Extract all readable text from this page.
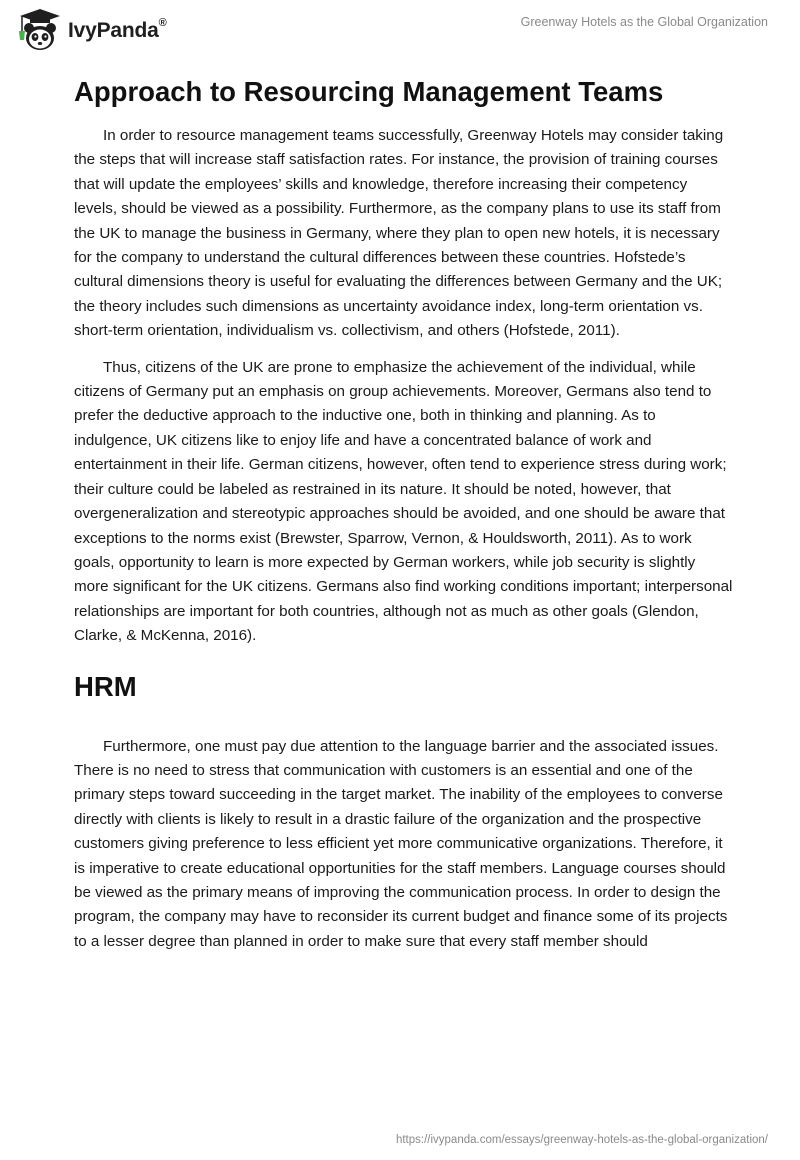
IvyPanda®	Greenway Hotels as the Global Organization
Approach to Resourcing Management Teams

In order to resource management teams successfully, Greenway Hotels may consider taking the steps that will increase staff satisfaction rates. For instance, the provision of training courses that will update the employees’ skills and knowledge, therefore increasing their competency levels, should be viewed as a possibility. Furthermore, as the company plans to use its staff from the UK to manage the business in Germany, where they plan to open new hotels, it is necessary for the company to understand the cultural differences between these countries. Hofstede’s cultural dimensions theory is useful for evaluating the differences between Germany and the UK; the theory includes such dimensions as uncertainty avoidance index, long-term orientation vs. short-term orientation, individualism vs. collectivism, and others (Hofstede, 2011).

Thus, citizens of the UK are prone to emphasize the achievement of the individual, while citizens of Germany put an emphasis on group achievements. Moreover, Germans also tend to prefer the deductive approach to the inductive one, both in thinking and planning. As to indulgence, UK citizens like to enjoy life and have a concentrated balance of work and entertainment in their life. German citizens, however, often tend to experience stress during work; their culture could be labeled as restrained in its nature. It should be noted, however, that overgeneralization and stereotypic approaches should be avoided, and one should be aware that exceptions to the norms exist (Brewster, Sparrow, Vernon, & Houldsworth, 2011). As to work goals, opportunity to learn is more expected by German workers, while job security is slightly more significant for the UK citizens. Germans also find working conditions important; interpersonal relationships are important for both countries, although not as much as other goals (Glendon, Clarke, & McKenna, 2016).

HRM

Furthermore, one must pay due attention to the language barrier and the associated issues. There is no need to stress that communication with customers is an essential and one of the primary steps toward succeeding in the target market. The inability of the employees to converse directly with clients is likely to result in a drastic failure of the organization and the prospective customers giving preference to less efficient yet more communicative organizations. Therefore, it is imperative to create educational opportunities for the staff members. Language courses should be viewed as the primary means of improving the communication process. In order to design the program, the company may have to reconsider its current budget and finance some of its projects to a lesser degree than planned in order to make sure that every staff member should

https://ivypanda.com/essays/greenway-hotels-as-the-global-organization/
